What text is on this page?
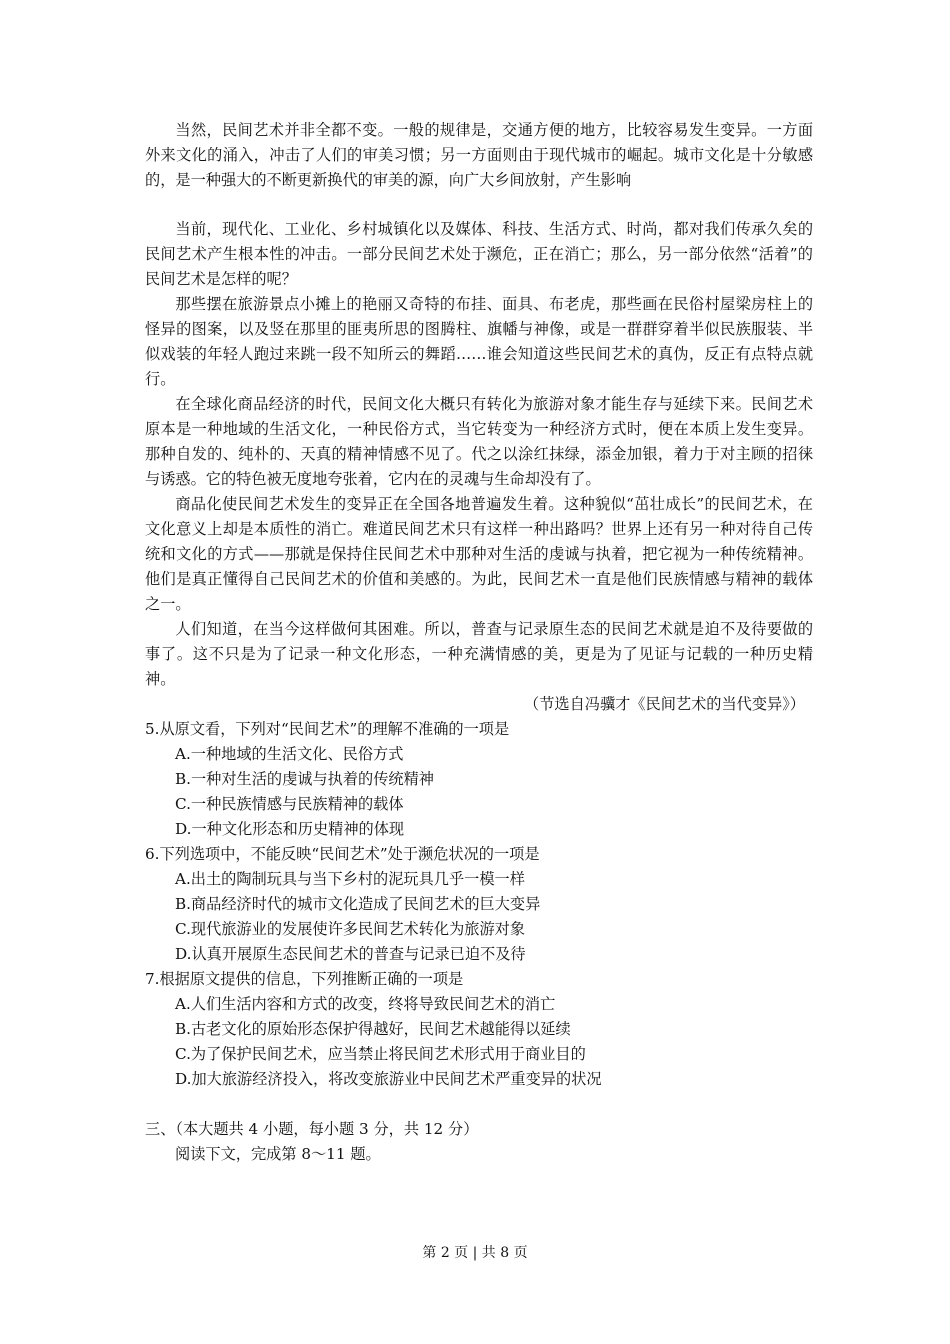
当然，民间艺术并非全都不变。一般的规律是，交通方便的地方，比较容易发生变异。一方面外来文化的涌入，冲击了人们的审美习惯；另一方面则由于现代城市的崛起。城市文化是十分敏感的，是一种强大的不断更新换代的审美的源，向广大乡间放射，产生影响

当前，现代化、工业化、乡村城镇化以及媒体、科技、生活方式、时尚，都对我们传承久矣的民间艺术产生根本性的冲击。一部分民间艺术处于濒危，正在消亡；那么，另一部分依然“活着”的民间艺术是怎样的呢？

那些摆在旅游景点小摊上的艳丽又奇特的布挂、面具、布老虎，那些画在民俗村屋梁房柱上的怪异的图案，以及竖在那里的匪夷所思的图腾柱、旗幡与神像，或是一群群穿着半似民族服装、半似戏装的年轻人跑过来跳一段不知所云的舞蹈……谁会知道这些民间艺术的真伪，反正有点特点就行。

在全球化商品经济的时代，民间文化大概只有转化为旅游对象才能生存与延续下来。民间艺术原本是一种地域的生活文化，一种民俗方式，当它转变为一种经济方式时，便在本质上发生变异。那种自发的、纯朴的、天真的精神情感不见了。代之以涂红抹绿，添金加银，着力于对主顾的招徕与诱惑。它的特色被无度地夸张着，它内在的灵魂与生命却没有了。

商品化使民间艺术发生的变异正在全国各地普遍发生着。这种貌似“茁壮成长”的民间艺术，在文化意义上却是本质性的消亡。难道民间艺术只有这样一种出路吗？世界上还有另一种对待自己传统和文化的方式——那就是保持住民间艺术中那种对生活的虔诚与执着，把它视为一种传统精神。他们是真正懂得自己民间艺术的价值和美感的。为此，民间艺术一直是他们民族情感与精神的载体之一。

人们知道，在当今这样做何其困难。所以，普查与记录原生态的民间艺术就是迫不及待要做的事了。这不只是为了记录一种文化形态，一种充满情感的美，更是为了见证与记载的一种历史精神。

（节选自冯骥才《民间艺术的当代变异》）
5.从原文看，下列对“民间艺术”的理解不准确的一项是
A.一种地域的生活文化、民俗方式
B.一种对生活的虔诚与执着的传统精神
C.一种民族情感与民族精神的载体
D.一种文化形态和历史精神的体现
6.下列选项中，不能反映“民间艺术”处于濒危状况的一项是
A.出土的陶制玩具与当下乡村的泥玩具几乎一模一样
B.商品经济时代的城市文化造成了民间艺术的巨大变异
C.现代旅游业的发展使许多民间艺术转化为旅游对象
D.认真开展原生态民间艺术的普查与记录已迫不及待
7.根据原文提供的信息，下列推断正确的一项是
A.人们生活内容和方式的改变，终将导致民间艺术的消亡
B.古老文化的原始形态保护得越好，民间艺术越能得以延续
C.为了保护民间艺术，应当禁止将民间艺术形式用于商业目的
D.加大旅游经济投入，将改变旅游业中民间艺术严重变异的状况
三、（本大题共 4 小题，每小题 3 分，共 12 分）
阅读下文，完成第 8～11 题。
第 2 页 | 共 8 页
